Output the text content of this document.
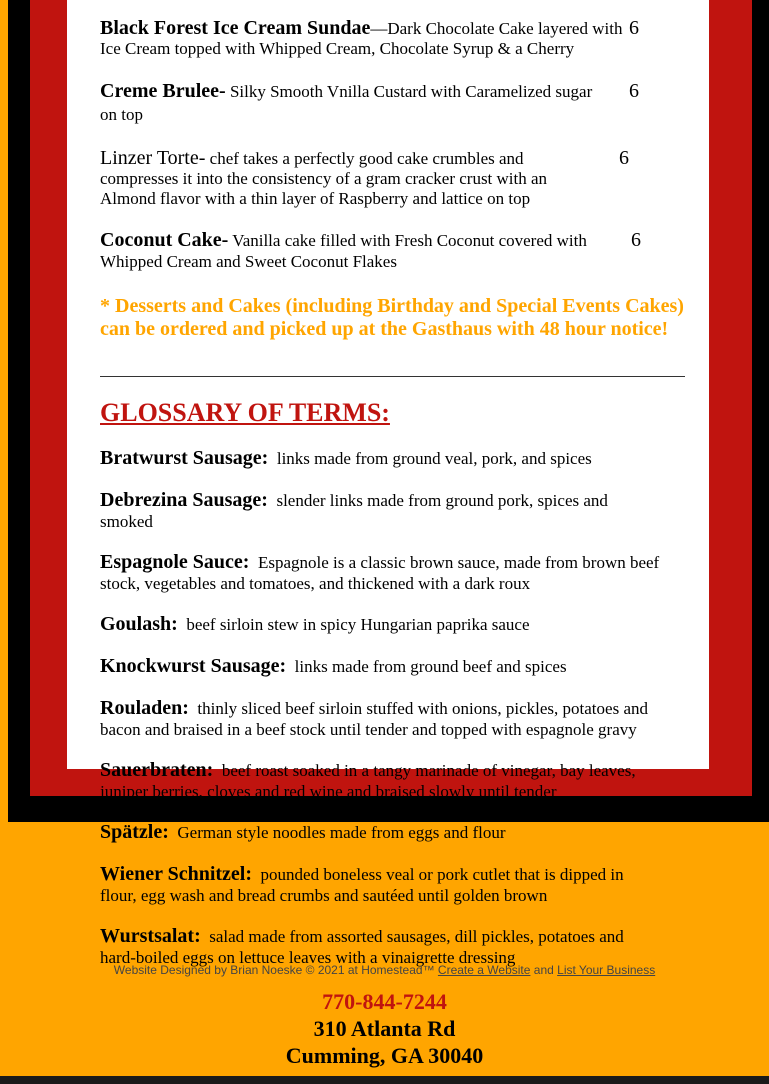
Black Forest Ice Cream Sundae—Dark Chocolate Cake layered with Ice Cream topped with Whipped Cream, Chocolate Syrup & a Cherry
6
Creme Brulee- Silky Smooth Vnilla Custard with Caramelized sugar on top
6
Linzer Torte- chef takes a perfectly good cake crumbles and compresses it into the consistency of a gram cracker crust with an Almond flavor with a thin layer of Raspberry and lattice on top
6
Coconut Cake- Vanilla cake filled with Fresh Coconut covered with Whipped Cream and Sweet Coconut Flakes
6
* Desserts and Cakes (including Birthday and Special Events Cakes) can be ordered and picked up at the Gasthaus with 48 hour notice!
GLOSSARY OF TERMS:
Bratwurst Sausage: links made from ground veal, pork, and spices
Debrezina Sausage: slender links made from ground pork, spices and smoked
Espagnole Sauce: Espagnole is a classic brown sauce, made from brown beef stock, vegetables and tomatoes, and thickened with a dark roux
Goulash: beef sirloin stew in spicy Hungarian paprika sauce
Knockwurst Sausage: links made from ground beef and spices
Rouladen: thinly sliced beef sirloin stuffed with onions, pickles, potatoes and bacon and braised in a beef stock until tender and topped with espagnole gravy
Sauerbraten: beef roast soaked in a tangy marinade of vinegar, bay leaves, juniper berries, cloves and red wine and braised slowly until tender
Spätzle: German style noodles made from eggs and flour
Wiener Schnitzel: pounded boneless veal or pork cutlet that is dipped in flour, egg wash and bread crumbs and sautéed until golden brown
Wurstsalat: salad made from assorted sausages, dill pickles, potatoes and hard-boiled eggs on lettuce leaves with a vinaigrette dressing
Website Designed by Brian Noeske © 2021 at Homestead™ Create a Website and List Your Business
770-844-7244
310 Atlanta Rd
Cumming, GA 30040
